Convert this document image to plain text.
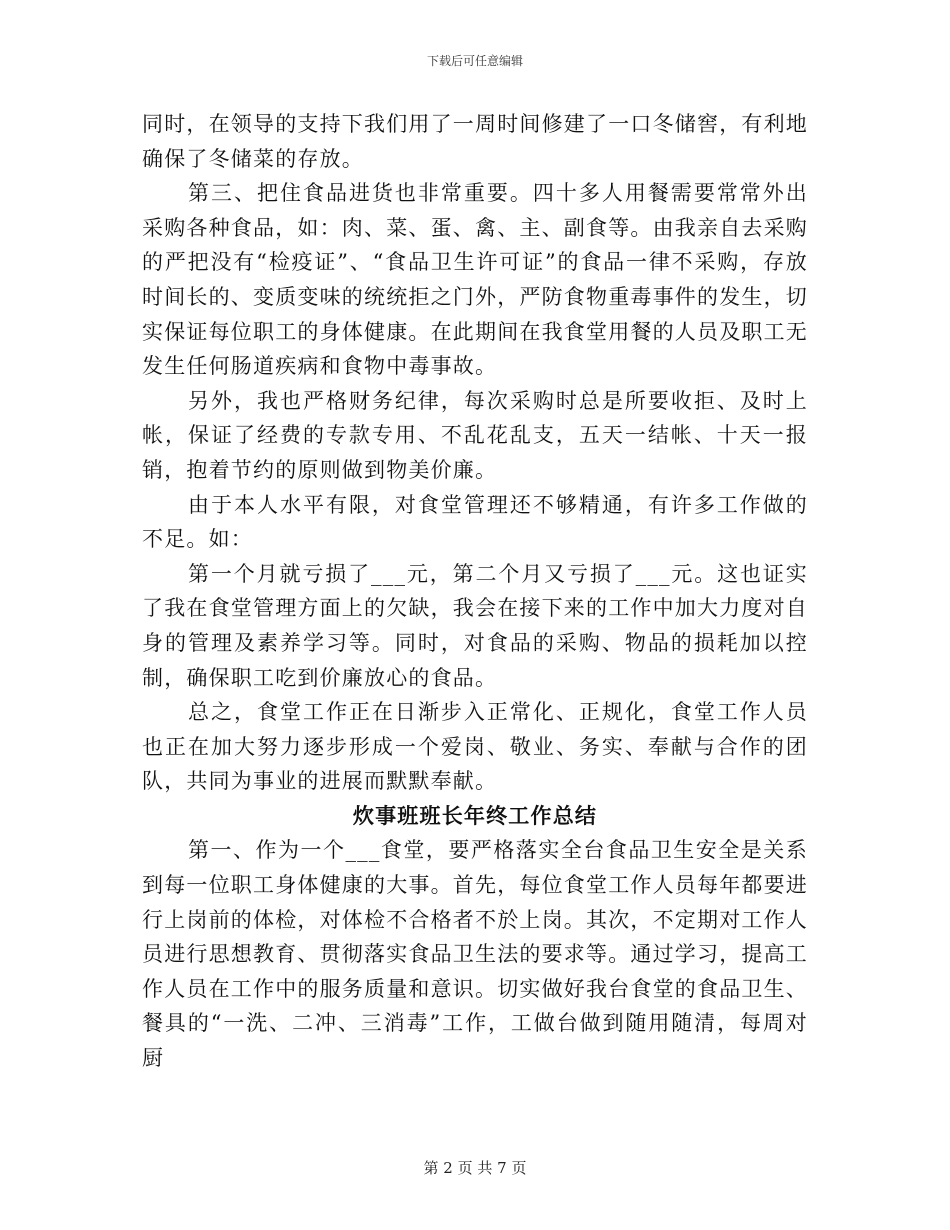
下载后可任意编辑

同时，在领导的支持下我们用了一周时间修建了一口冬储窖，有利地确保了冬储菜的存放。

第三、把住食品进货也非常重要。四十多人用餐需要常常外出采购各种食品，如：肉、菜、蛋、禽、主、副食等。由我亲自去采购的严把没有“检疫证”、“食品卫生许可证”的食品一律不采购，存放时间长的、变质变味的统统拒之门外，严防食物重毒事件的发生，切实保证每位职工的身体健康。在此期间在我食堂用餐的人员及职工无发生任何肠道疾病和食物中毒事故。

另外，我也严格财务纪律，每次采购时总是所要收拒、及时上帐，保证了经费的专款专用、不乱花乱支，五天一结帐、十天一报销，抱着节约的原则做到物美价廉。

由于本人水平有限，对食堂管理还不够精通，有许多工作做的不足。如：

第一个月就亏损了___元，第二个月又亏损了___元。这也证实了我在食堂管理方面上的欠缺，我会在接下来的工作中加大力度对自身的管理及素养学习等。同时，对食品的采购、物品的损耗加以控制，确保职工吃到价廉放心的食品。

总之，食堂工作正在日渐步入正常化、正规化，食堂工作人员也正在加大努力逐步形成一个爱岗、敬业、务实、奉献与合作的团队，共同为事业的进展而默默奉献。

炊事班班长年终工作总结

第一、作为一个___食堂，要严格落实全台食品卫生安全是关系到每一位职工身体健康的大事。首先，每位食堂工作人员每年都要进行上岗前的体检，对体检不合格者不於上岗。其次，不定期对工作人员进行思想教育、贯彻落实食品卫生法的要求等。通过学习，提高工作人员在工作中的服务质量和意识。切实做好我台食堂的食品卫生、餐具的“一洗、二冲、三消毒”工作，工做台做到随用随清，每周对厨

第 2 页 共 7 页
